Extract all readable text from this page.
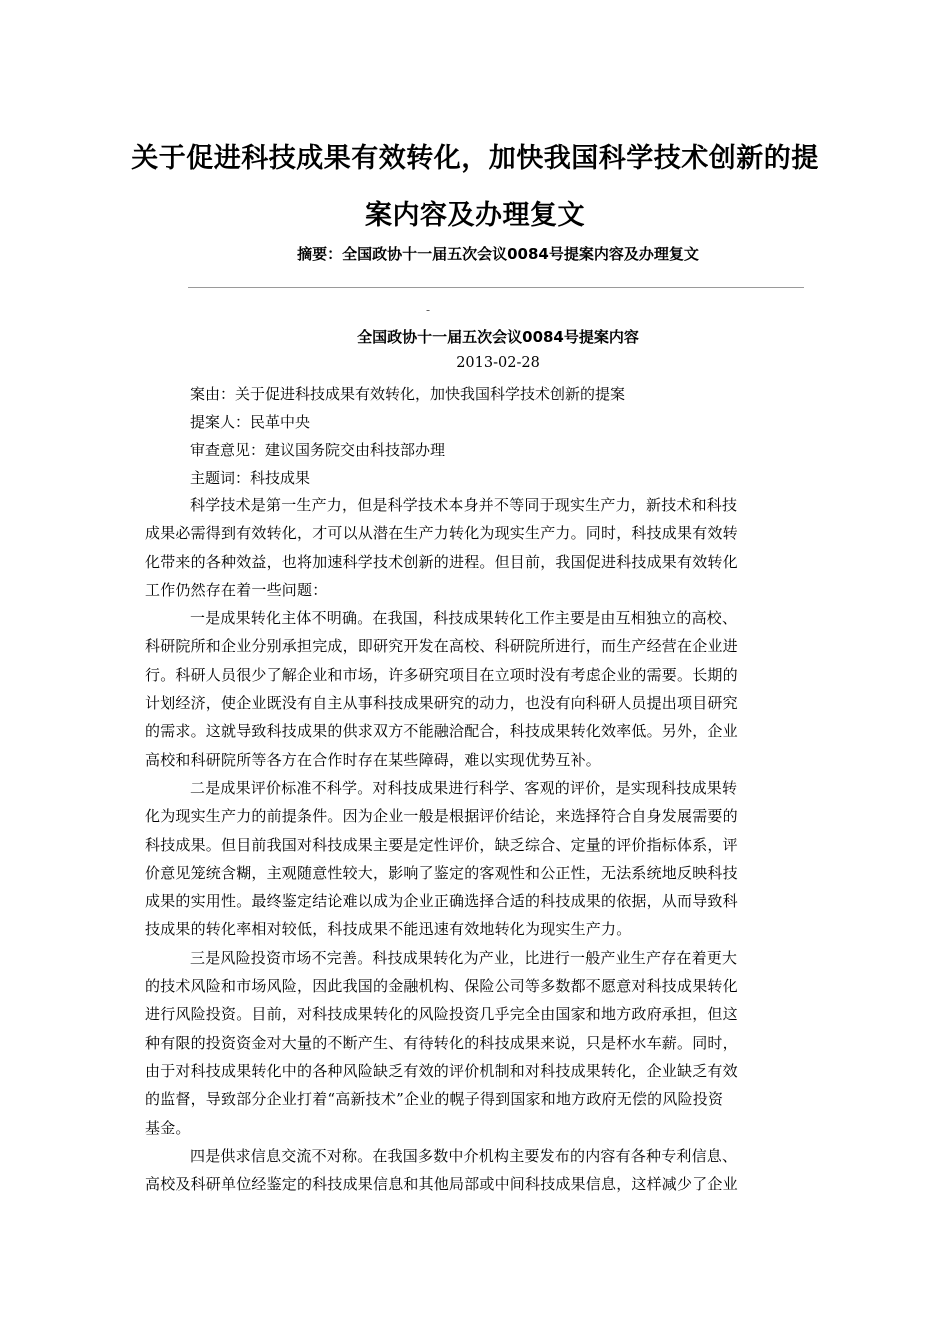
关于促进科技成果有效转化，加快我国科学技术创新的提
案内容及办理复文
摘要：全国政协十一届五次会议0084号提案内容及办理复文
-
全国政协十一届五次会议0084号提案内容
2013-02-28
案由：关于促进科技成果有效转化，加快我国科学技术创新的提案
提案人：民革中央
审查意见：建议国务院交由科技部办理
主题词：科技成果

科学技术是第一生产力，但是科学技术本身并不等同于现实生产力，新技术和科技
成果必需得到有效转化，才可以从潜在生产力转化为现实生产力。同时，科技成果有效转
化带来的各种效益，也将加速科学技术创新的进程。但目前，我国促进科技成果有效转化
工作仍然存在着一些问题：

一是成果转化主体不明确。在我国，科技成果转化工作主要是由互相独立的高校、
科研院所和企业分别承担完成，即研究开发在高校、科研院所进行，而生产经营在企业进
行。科研人员很少了解企业和市场，许多研究项目在立项时没有考虑企业的需要。长期的
计划经济，使企业既没有自主从事科技成果研究的动力，也没有向科研人员提出项目研究
的需求。这就导致科技成果的供求双方不能融洽配合，科技成果转化效率低。另外，企业
高校和科研院所等各方在合作时存在某些障碍，难以实现优势互补。

二是成果评价标准不科学。对科技成果进行科学、客观的评价，是实现科技成果转
化为现实生产力的前提条件。因为企业一般是根据评价结论，来选择符合自身发展需要的
科技成果。但目前我国对科技成果主要是定性评价，缺乏综合、定量的评价指标体系，评
价意见笼统含糊，主观随意性较大，影响了鉴定的客观性和公正性，无法系统地反映科技
成果的实用性。最终鉴定结论难以成为企业正确选择合适的科技成果的依据，从而导致科
技成果的转化率相对较低，科技成果不能迅速有效地转化为现实生产力。

三是风险投资市场不完善。科技成果转化为产业，比进行一般产业生产存在着更大
的技术风险和市场风险，因此我国的金融机构、保险公司等多数都不愿意对科技成果转化
进行风险投资。目前，对科技成果转化的风险投资几乎完全由国家和地方政府承担，但这
种有限的投资资金对大量的不断产生、有待转化的科技成果来说，只是杯水车薪。同时，
由于对科技成果转化中的各种风险缺乏有效的评价机制和对科技成果转化，企业缺乏有效
的监督，导致部分企业打着“高新技术”企业的幌子得到国家和地方政府无偿的风险投资
基金。

四是供求信息交流不对称。在我国多数中介机构主要发布的内容有各种专利信息、
高校及科研单位经鉴定的科技成果信息和其他局部或中间科技成果信息，这样减少了企业
